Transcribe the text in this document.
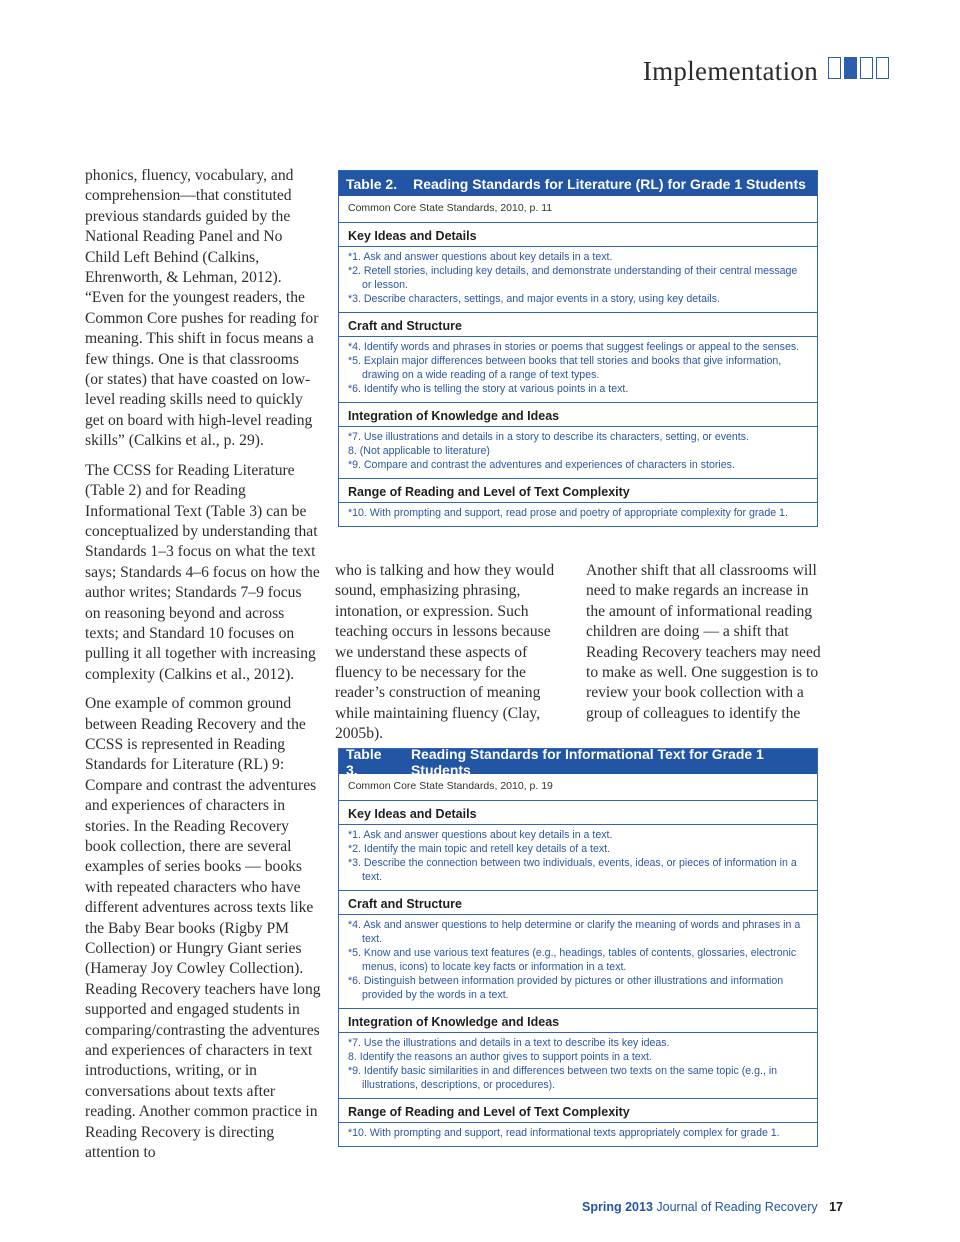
Implementation

phonics, fluency, vocabulary, and comprehension—that constituted previous standards guided by the National Reading Panel and No Child Left Behind (Calkins, Ehrenworth, & Lehman, 2012). “Even for the youngest readers, the Common Core pushes for reading for meaning. This shift in focus means a few things. One is that classrooms (or states) that have coasted on low-level reading skills need to quickly get on board with high-level reading skills” (Calkins et al., p. 29).

The CCSS for Reading Literature (Table 2) and for Reading Informational Text (Table 3) can be conceptualized by understanding that Standards 1–3 focus on what the text says; Standards 4–6 focus on how the author writes; Standards 7–9 focus on reasoning beyond and across texts; and Standard 10 focuses on pulling it all together with increasing complexity (Calkins et al., 2012).

One example of common ground between Reading Recovery and the CCSS is represented in Reading Standards for Literature (RL) 9: Compare and contrast the adventures and experiences of characters in stories. In the Reading Recovery book collection, there are several examples of series books — books with repeated characters who have different adventures across texts like the Baby Bear books (Rigby PM Collection) or Hungry Giant series (Hameray Joy Cowley Collection). Reading Recovery teachers have long supported and engaged students in comparing/contrasting the adventures and experiences of characters in text introductions, writing, or in conversations about texts after reading. Another common practice in Reading Recovery is directing attention to

Table 2. Reading Standards for Literature (RL) for Grade 1 Students
Common Core State Standards, 2010, p. 11
Key Ideas and Details
*1. Ask and answer questions about key details in a text.
*2. Retell stories, including key details, and demonstrate understanding of their central message or lesson.
*3. Describe characters, settings, and major events in a story, using key details.
Craft and Structure
*4. Identify words and phrases in stories or poems that suggest feelings or appeal to the senses.
*5. Explain major differences between books that tell stories and books that give information, drawing on a wide reading of a range of text types.
*6. Identify who is telling the story at various points in a text.
Integration of Knowledge and Ideas
*7. Use illustrations and details in a story to describe its characters, setting, or events.
8. (Not applicable to literature)
*9. Compare and contrast the adventures and experiences of characters in stories.
Range of Reading and Level of Text Complexity
*10. With prompting and support, read prose and poetry of appropriate complexity for grade 1.

who is talking and how they would sound, emphasizing phrasing, intonation, or expression. Such teaching occurs in lessons because we understand these aspects of fluency to be necessary for the reader’s construction of meaning while maintaining fluency (Clay, 2005b).

Another shift that all classrooms will need to make regards an increase in the amount of informational reading children are doing — a shift that Reading Recovery teachers may need to make as well. One suggestion is to review your book collection with a group of colleagues to identify the

Table 3.
Reading Standards for Informational Text for Grade 1 Students
Common Core State Standards, 2010, p. 19
Key Ideas and Details
*1. Ask and answer questions about key details in a text.
*2. Identify the main topic and retell key details of a text.
*3. Describe the connection between two individuals, events, ideas, or pieces of information in a text.
Craft and Structure
*4. Ask and answer questions to help determine or clarify the meaning of words and phrases in a text.
*5. Know and use various text features (e.g., headings, tables of contents, glossaries, electronic menus, icons) to locate key facts or information in a text.
*6. Distinguish between information provided by pictures or other illustrations and information provided by the words in a text.
Integration of Knowledge and Ideas
*7. Use the illustrations and details in a text to describe its key ideas.
8. Identify the reasons an author gives to support points in a text.
*9. Identify basic similarities in and differences between two texts on the same topic (e.g., in illustrations, descriptions, or procedures).
Range of Reading and Level of Text Complexity
*10. With prompting and support, read informational texts appropriately complex for grade 1.
Spring 2013 Journal of Reading Recovery 17
